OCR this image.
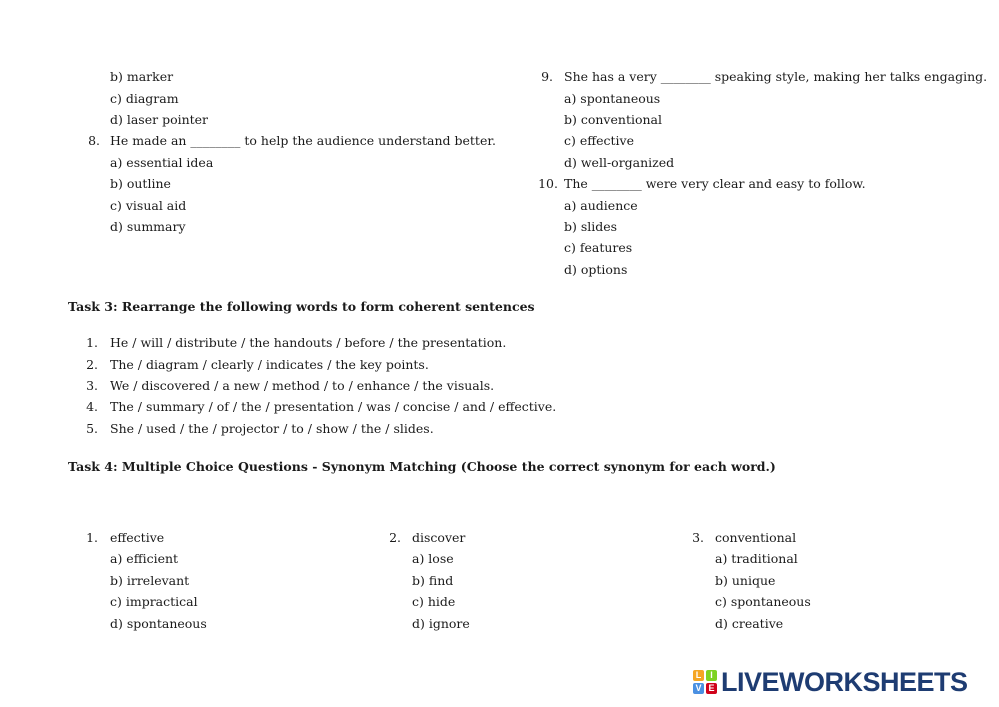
b) marker
c) diagram
d) laser pointer
8. He made an ________ to help the audience understand better.
a) essential idea
b) outline
c) visual aid
d) summary
9. She has a very ________ speaking style, making her talks engaging.
a) spontaneous
b) conventional
c) effective
d) well-organized
10. The ________ were very clear and easy to follow.
a) audience
b) slides
c) features
d) options
Task 3: Rearrange the following words to form coherent sentences
1. He / will / distribute / the handouts / before / the presentation.
2. The / diagram / clearly / indicates / the key points.
3. We / discovered / a new / method / to / enhance / the visuals.
4. The / summary / of / the / presentation / was / concise / and / effective.
5. She / used / the / projector / to / show / the / slides.
Task 4: Multiple Choice Questions - Synonym Matching (Choose the correct synonym for each word.)
1. effective
a) efficient
b) irrelevant
c) impractical
d) spontaneous
2. discover
a) lose
b) find
c) hide
d) ignore
3. conventional
a) traditional
b) unique
c) spontaneous
d) creative
L I
V E LIVEWORKSHEETS
